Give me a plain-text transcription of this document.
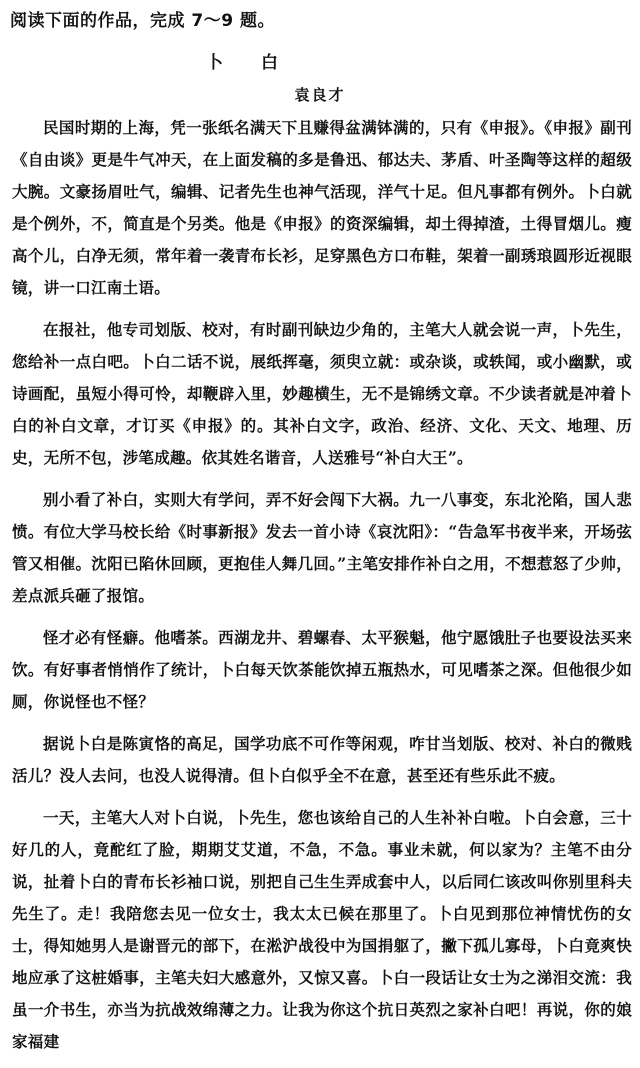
阅读下面的作品，完成 7～9 题。

卜 白

袁良才

民国时期的上海，凭一张纸名满天下且赚得盆满钵满的，只有《申报》。《申报》副刊《自由谈》更是牛气冲天，在上面发稿的多是鲁迅、郁达夫、茅盾、叶圣陶等这样的超级大腕。文豪扬眉吐气，编辑、记者先生也神气活现，洋气十足。但凡事都有例外。卜白就是个例外，不，简直是个另类。他是《申报》的资深编辑，却土得掉渣，土得冒烟儿。瘦高个儿，白净无须，常年着一袭青布长衫，足穿黑色方口布鞋，架着一副琇琅圆形近视眼镜，讲一口江南土语。

在报社，他专司划版、校对，有时副刊缺边少角的，主笔大人就会说一声，卜先生，您给补一点白吧。卜白二话不说，展纸挥毫，须臾立就：或杂谈，或轶闻，或小幽默，或诗画配，虽短小得可怜，却鞭辟入里，妙趣横生，无不是锦绣文章。不少读者就是冲着卜白的补白文章，才订买《申报》的。其补白文字，政治、经济、文化、天文、地理、历史，无所不包，涉笔成趣。依其姓名谐音，人送雅号“补白大王”。

别小看了补白，实则大有学问，弄不好会闯下大祸。九一八事变，东北沦陷，国人悲愤。有位大学马校长给《时事新报》发去一首小诗《哀沈阳》：“告急军书夜半来，开场弦管又相催。沈阳已陷休回顾，更抱佳人舞几回。”主笔安排作补白之用，不想惹怒了少帅，差点派兵砸了报馆。

怪才必有怪癖。他嗜茶。西湖龙井、碧螺春、太平猴魁，他宁愿饿肚子也要设法买来饮。有好事者悄悄作了统计，卜白每天饮茶能饮掉五瓶热水，可见嗜茶之深。但他很少如厕，你说怪也不怪？

据说卜白是陈寅恪的高足，国学功底不可作等闲观，咋甘当划版、校对、补白的微贱活儿？没人去问，也没人说得清。但卜白似乎全不在意，甚至还有些乐此不疲。

一天，主笔大人对卜白说，卜先生，您也该给自己的人生补补白啦。卜白会意，三十好几的人，竟酡红了脸，期期艾艾道，不急，不急。事业未就，何以家为？主笔不由分说，扯着卜白的青布长衫袖口说，别把自己生生弄成套中人，以后同仁该改叫你别里科夫先生了。走！我陪您去见一位女士，我太太已候在那里了。卜白见到那位神情忧伤的女士，得知她男人是谢晋元的部下，在淞沪战役中为国捐躯了，撇下孤儿寡母，卜白竟爽快地应承了这桩婚事，主笔夫妇大感意外，又惊又喜。卜白一段话让女士为之涕泪交流：我虽一介书生，亦当为抗战效绵薄之力。让我为你这个抗日英烈之家补白吧！再说，你的娘家福建
